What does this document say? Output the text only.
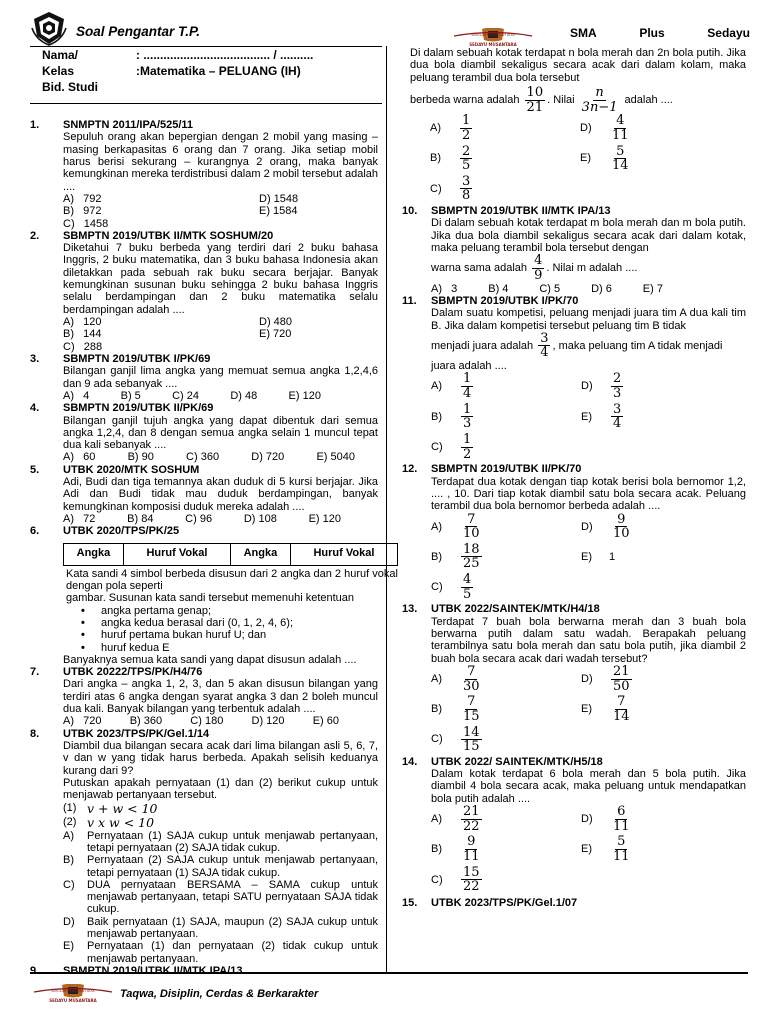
Soal Pengantar T.P.	SEKOLAH MENENGAH ATAS
SEDAYU MUSANTARA
SMA	Plus	Sedayu
Nama/	: ...................................... / ..........
Kelas	:Matematika – PELUANG (IH)
Bid. Studi
1.	SNMPTN 2011/IPA/525/11
Sepuluh orang akan bepergian dengan 2 mobil yang masing – masing berkapasitas 6 orang dan 7 orang. Jika setiap mobil harus berisi sekurang – kurangnya 2 orang, maka banyak kemungkinan mereka terdistribusi dalam 2 mobil tersebut adalah ....
A)   792	D) 1548
B)   972	E) 1584
C)   1458
2.	SBMPTN 2019/UTBK II/MTK SOSHUM/20
Diketahui 7 buku berbeda yang terdiri dari 2 buku bahasa Inggris, 2 buku matematika, dan 3 buku bahasa Indonesia akan diletakkan pada sebuah rak buku secara berjajar. Banyak kemungkinan susunan buku sehingga 2 buku bahasa Inggris selalu berdampingan dan 2 buku matematika selalu berdampingan adalah ....
A)   120	D) 480
B)   144	E) 720
C)   288
3.	SBMPTN 2019/UTBK I/PK/69
Bilangan ganjil lima angka yang memuat semua angka 1,2,4,6 dan 9 ada sebanyak ....
A)   4	B) 5	C) 24	D) 48	E) 120
4.	SBMPTN 2019/UTBK II/PK/69
Bilangan ganjil tujuh angka yang dapat dibentuk dari semua angka 1,2,4, dan 8 dengan semua angka selain 1 muncul tepat dua kali sebanyak ....
A)   60	B) 90	C) 360	D) 720	E) 5040
5.	UTBK 2020/MTK SOSHUM
Adi, Budi dan tiga temannya akan duduk di 5 kursi berjajar. Jika Adi dan Budi tidak mau duduk berdampingan, banyak kemungkinan komposisi duduk mereka adalah ....
A)   72	B) 84	C) 96	D) 108	E) 120
6.	UTBK 2020/TPS/PK/25
Angka	Huruf Vokal	Angka	Huruf Vokal
Kata sandi 4 simbol berbeda disusun dari 2 angka dan 2 huruf vokal dengan pola seperti
gambar. Susunan kata sandi tersebut memenuhi ketentuan
•	angka pertama genap;
•	angka kedua berasal dari (0, 1, 2, 4, 6);
•	huruf pertama bukan huruf U; dan
•	huruf kedua E
Banyaknya semua kata sandi yang dapat disusun adalah ....
7.	UTBK 20222/TPS/PK/H4/76
Dari angka – angka 1, 2, 3, dan 5 akan disusun bilangan yang terdiri atas 6 angka dengan syarat angka 3 dan 2 boleh muncul dua kali. Banyak bilangan yang terbentuk adalah ....
A)   720	B) 360	C) 180	D) 120	E) 60
8.	UTBK 2023/TPS/PK/Gel.1/14
Diambil dua bilangan secara acak dari lima bilangan asli 5, 6, 7, v dan w yang tidak harus berbeda. Apakah selisih keduanya kurang dari 9?
Putuskan apakah pernyataan (1) dan (2) berikut cukup untuk menjawab pertanyaan tersebut.
(1) v + w < 10
(2) v x w < 10
A)	Pernyataan (1) SAJA cukup untuk menjawab pertanyaan, tetapi pernyataan (2) SAJA tidak cukup.
B)	Pernyataan (2) SAJA cukup untuk menjawab pertanyaan, tetapi pernyataan (1) SAJA tidak cukup.
C)	DUA pernyataan BERSAMA – SAMA cukup untuk menjawab pertanyaan, tetapi SATU pernyataan SAJA tidak cukup.
D)	Baik pernyataan (1) SAJA, maupun (2) SAJA cukup untuk menjawab pertanyaan.
E)	Pernyataan (1) dan pernyataan (2) tidak cukup untuk menjawab pertanyaan.
9.	SBMPTN 2019/UTBK II/MTK IPA/13
Di dalam sebuah kotak terdapat n bola merah dan 2n bola putih. Jika dua bola diambil sekaligus secara acak dari dalam kolam, maka peluang terambil dua bola tersebut
berbeda warna adalah $\frac{10}{21}$ . Nilai $\frac{n}{3n-1}$ adalah ....
A)	$\frac{1}{2}$	D)	$\frac{4}{11}$
B)	$\frac{2}{5}$	E)	$\frac{5}{14}$
C)	$\frac{3}{8}$
10.	SBMPTN 2019/UTBK II/MTK IPA/13
Di dalam sebuah kotak terdapat m bola merah dan m bola putih. Jika dua bola diambil sekaligus secara acak dari dalam kotak, maka peluang terambil bola tersebut dengan
warna sama adalah $\frac{4}{9}$ . Nilai m adalah ....
A)   3	B) 4	C) 5	D) 6	E) 7
11.	SBMPTN 2019/UTBK I/PK/70
Dalam suatu kompetisi, peluang menjadi juara tim A dua kali tim B. Jika dalam kompetisi tersebut peluang tim B tidak
menjadi juara adalah $\frac{3}{4}$ , maka peluang tim A tidak menjadi
juara adalah ....
A)	$\frac{1}{4}$	D)	$\frac{2}{3}$
B)	$\frac{1}{3}$	E)	$\frac{3}{4}$
C)	$\frac{1}{2}$
12.	SBMPTN 2019/UTBK II/PK/70
Terdapat dua kotak dengan tiap kotak berisi bola bernomor 1,2, .... , 10. Dari tiap kotak diambil satu bola secara acak. Peluang terambil dua bola bernomor berbeda adalah ....
A)	$\frac{7}{10}$	D)	$\frac{9}{10}$
B)	$\frac{18}{25}$	E)	1
C)	$\frac{4}{5}$
13.	UTBK 2022/SAINTEK/MTK/H4/18
Terdapat 7 buah bola berwarna merah dan 3 buah bola berwarna putih dalam satu wadah. Berapakah peluang terambilnya satu bola merah dan satu bola putih, jika diambil 2 buah bola secara acak dari wadah tersebut?
A)	$\frac{7}{30}$	D)	$\frac{21}{50}$
B)	$\frac{7}{15}$	E)	$\frac{7}{14}$
C)	$\frac{14}{15}$
14.	UTBK 2022/ SAINTEK/MTK/H5/18
Dalam kotak terdapat 6 bola merah dan 5 bola putih. Jika diambil 4 bola secara acak, maka peluang untuk mendapatkan bola putih adalah ....
A)	$\frac{21}{22}$	D)	$\frac{6}{11}$
B)	$\frac{9}{11}$	E)	$\frac{5}{11}$
C)	$\frac{15}{22}$
15.	UTBK 2023/TPS/PK/Gel.1/07
SEKOLAH MENENGAH ATAS
SEDAYU MUSANTARA
Taqwa, Disiplin, Cerdas & Berkarakter
